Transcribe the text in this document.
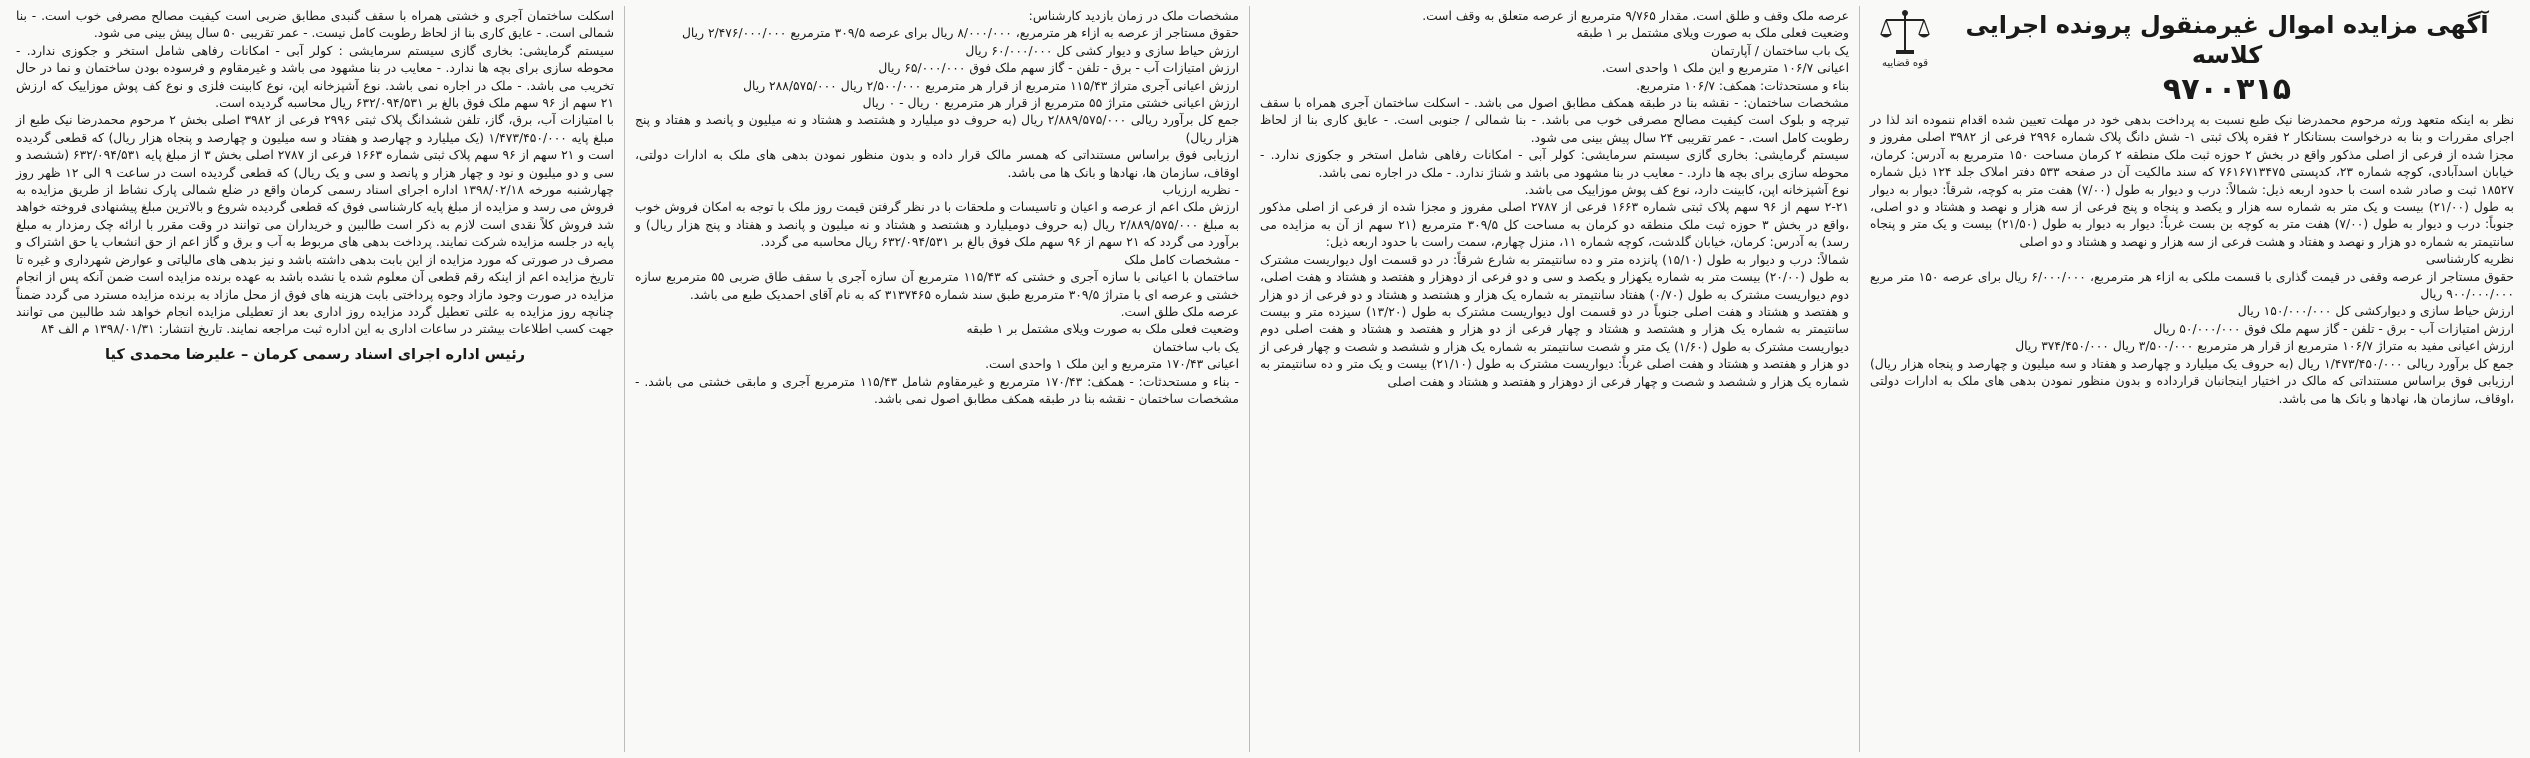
آگهی مزایده اموال غیرمنقول پرونده اجرایی کلاسه
۹۷۰۰۳۱۵
قوه قضاییه

نظر به اینکه متعهد ورثه مرحوم محمدرضا نیک طبع نسبت به پرداخت بدهی خود در مهلت تعیین شده اقدام ننموده اند لذا در اجرای مقررات و بنا به درخواست بستانکار ۲ فقره پلاک ثبتی ۱- شش دانگ پلاک شماره ۲۹۹۶ فرعی از ۳۹۸۲ اصلی مفروز و مجزا شده از فرعی از اصلی مذکور واقع در بخش ۲ حوزه ثبت ملک منطقه ۲ کرمان مساحت ۱۵۰ مترمربع به آدرس: کرمان، خیابان اسدآبادی، کوچه شماره ۲۳، کدپستی ۷۶۱۶۷۱۳۴۷۵ که سند مالکیت آن در صفحه ۵۳۳ دفتر املاک جلد ۱۲۴ ذیل شماره ۱۸۵۲۷ ثبت و صادر شده است با حدود اربعه ذیل: شمالاً: درب و دیوار به طول (۷/۰۰) هفت متر به کوچه، شرقاً: دیوار به دیوار به طول (۲۱/۰۰) بیست و یک متر به شماره سه هزار و یکصد و پنجاه و پنج فرعی از سه هزار و نهصد و هشتاد و دو اصلی، جنوباً: درب و دیوار به طول (۷/۰۰) هفت متر به کوچه بن بست غرباً: دیوار به دیوار به طول (۲۱/۵۰) بیست و یک متر و پنجاه سانتیمتر به شماره دو هزار و نهصد و هفتاد و هشت فرعی از سه هزار و نهصد و هشتاد و دو اصلی

نظریه کارشناسی

حقوق مستاجر از عرصه وقفی در قیمت گذاری با قسمت ملکی به ازاء هر مترمربع، ۶/۰۰۰/۰۰۰ ریال برای عرصه ۱۵۰ متر مربع ۹۰۰/۰۰۰/۰۰۰ ریال

ارزش حیاط سازی و دیوارکشی کل ۱۵۰/۰۰۰/۰۰۰ ریال

ارزش امتیازات آب - برق - تلفن - گاز سهم ملک فوق ۵۰/۰۰۰/۰۰۰ ریال

ارزش اعیانی مفید به متراژ ۱۰۶/۷ مترمربع از قرار هر مترمربع ۳/۵۰۰/۰۰۰ ریال ۳۷۴/۴۵۰/۰۰۰ ریال

جمع کل برآورد ریالی ۱/۴۷۳/۴۵۰/۰۰۰ ریال (به حروف یک میلیارد و چهارصد و هفتاد و سه میلیون و چهارصد و پنجاه هزار ریال) ارزیابی فوق براساس مستنداتی که مالک در اختیار اینجانبان قرارداده و بدون منظور نمودن بدهی های ملک به ادارات دولتی ،اوقاف، سازمان ها، نهادها و بانک ها می باشد.

عرصه ملک وقف و طلق است. مقدار ۹/۷۶۵ مترمربع از عرصه متعلق به وقف است.

وضعیت فعلی ملک به صورت ویلای مشتمل بر ۱ طبقه

یک باب ساختمان / آپارتمان

اعیانی ۱۰۶/۷ مترمربع و این ملک ۱ واحدی است.

بناء و مستحدثات: همکف: ۱۰۶/۷ مترمربع.

مشخصات ساختمان: - نقشه بنا در طبقه همکف مطابق اصول می باشد. - اسکلت ساختمان آجری همراه با سقف تیرچه و بلوک است کیفیت مصالح مصرفی خوب می باشد. - بنا شمالی / جنوبی است. - عایق کاری بنا از لحاظ رطوبت کامل است. - عمر تقریبی ۲۴ سال پیش بینی می شود.

سیستم گرمایشی: بخاری گازی سیستم سرمایشی: کولر آبی - امکانات رفاهی شامل استخر و جکوزی ندارد. - محوطه سازی برای بچه ها دارد. - معایب در بنا مشهود می باشد و شناژ ندارد. - ملک در اجاره نمی باشد.

نوع آشپزخانه اپن، کابینت دارد، نوع کف پوش موزاییک می باشد.

۲-۲۱ سهم از ۹۶ سهم پلاک ثبتی شماره ۱۶۶۳ فرعی از ۲۷۸۷ اصلی مفروز و مجزا شده از فرعی از اصلی مذکور ،واقع در بخش ۳ حوزه ثبت ملک منطقه دو کرمان به مساحت کل ۳۰۹/۵ مترمربع (۲۱ سهم از آن به مزایده می رسد) به آدرس: کرمان، خیابان گلدشت، کوچه شماره ۱۱، منزل چهارم، سمت راست با حدود اربعه ذیل:

شمالاً: درب و دیوار به طول (۱۵/۱۰) پانزده متر و ده سانتیمتر به شارع شرقاً: در دو قسمت اول دیواریست مشترک به طول (۲۰/۰۰) بیست متر به شماره یکهزار و یکصد و سی و دو فرعی از دوهزار و هفتصد و هشتاد و هفت اصلی، دوم دیواریست مشترک به طول (۰/۷۰) هفتاد سانتیمتر به شماره یک هزار و هشتصد و هشتاد و دو فرعی از دو هزار و هفتصد و هشتاد و هفت اصلی جنوباً در دو قسمت اول دیواریست مشترک به طول (۱۳/۲۰) سیزده متر و بیست سانتیمتر به شماره یک هزار و هشتصد و هشتاد و چهار فرعی از دو هزار و هفتصد و هشتاد و هفت اصلی دوم دیواریست مشترک به طول (۱/۶۰) یک متر و شصت سانتیمتر به شماره یک هزار و ششصد و شصت و چهار فرعی از دو هزار و هفتصد و هشتاد و هفت اصلی غرباً: دیواریست مشترک به طول (۲۱/۱۰) بیست و یک متر و ده سانتیمتر به شماره یک هزار و ششصد و شصت و چهار فرعی از دوهزار و هفتصد و هشتاد و هفت اصلی

مشخصات ملک در زمان بازدید کارشناس:

حقوق مستاجر از عرصه به ازاء هر مترمربع، ۸/۰۰۰/۰۰۰ ریال برای عرصه ۳۰۹/۵ مترمربع ۲/۴۷۶/۰۰۰/۰۰۰ ریال

ارزش حیاط سازی و دیوار کشی کل ۶۰/۰۰۰/۰۰۰ ریال

ارزش امتیازات آب - برق - تلفن - گاز سهم ملک فوق ۶۵/۰۰۰/۰۰۰ ریال

ارزش اعیانی آجری متراژ ۱۱۵/۴۳ مترمربع از قرار هر مترمربع ۲/۵۰۰/۰۰۰ ریال ۲۸۸/۵۷۵/۰۰۰ ریال

ارزش اعیانی خشتی متراژ ۵۵ مترمربع از قرار هر مترمربع ۰ ریال - ۰ ریال

جمع کل برآورد ریالی ۲/۸۸۹/۵۷۵/۰۰۰ ریال (به حروف دو میلیارد و هشتصد و هشتاد و نه میلیون و پانصد و هفتاد و پنج هزار ریال)

ارزیابی فوق براساس مستنداتی که همسر مالک قرار داده و بدون منظور نمودن بدهی های ملک به ادارات دولتی، اوقاف، سازمان ها، نهادها و بانک ها می باشد.

- نظریه ارزیاب

ارزش ملک اعم از عرصه و اعیان و تاسیسات و ملحقات با در نظر گرفتن قیمت روز ملک با توجه به امکان فروش خوب به مبلغ ۲/۸۸۹/۵۷۵/۰۰۰ ریال (به حروف دومیلیارد و هشتصد و هشتاد و نه میلیون و پانصد و هفتاد و پنج هزار ریال) و برآورد می گردد که ۲۱ سهم از ۹۶ سهم ملک فوق بالغ بر ۶۳۲/۰۹۴/۵۳۱ ریال محاسبه می گردد.

- مشخصات کامل ملک

ساختمان با اعیانی با سازه آجری و خشتی که ۱۱۵/۴۳ مترمربع آن سازه آجری با سقف طاق ضربی ۵۵ مترمربع سازه خشتی و عرصه ای با متراژ ۳۰۹/۵ مترمربع طبق سند شماره ۳۱۳۷۴۶۵ که به نام آقای احمدیک طبع می باشد.

عرصه ملک طلق است.

وضعیت فعلی ملک به صورت ویلای مشتمل بر ۱ طبقه

یک باب ساختمان

اعیانی ۱۷۰/۴۳ مترمربع و این ملک ۱ واحدی است.

- بناء و مستحدثات: - همکف: ۱۷۰/۴۳ مترمربع و غیرمقاوم شامل ۱۱۵/۴۳ مترمربع آجری و مابقی خشتی می باشد. - مشخصات ساختمان - نقشه بنا در طبقه همکف مطابق اصول نمی باشد.

اسکلت ساختمان آجری و خشتی همراه با سقف گنبدی مطابق ضربی است کیفیت مصالح مصرفی خوب است. - بنا شمالی است. - عایق کاری بنا از لحاظ رطوبت کامل نیست. - عمر تقریبی ۵۰ سال پیش بینی می شود.

سیستم گرمایشی: بخاری گازی سیستم سرمایشی : کولر آبی - امکانات رفاهی شامل استخر و جکوزی ندارد. - محوطه سازی برای بچه ها ندارد. - معایب در بنا مشهود می باشد و غیرمقاوم و فرسوده بودن ساختمان و نما در حال تخریب می باشد. - ملک در اجاره نمی باشد. نوع آشپزخانه اپن، نوع کابینت فلزی و نوع کف پوش موزاییک که ارزش ۲۱ سهم از ۹۶ سهم ملک فوق بالغ بر ۶۳۲/۰۹۴/۵۳۱ ریال محاسبه گردیده است.

با امتیازات آب، برق، گاز، تلفن ششدانگ پلاک ثبتی ۲۹۹۶ فرعی از ۳۹۸۲ اصلی بخش ۲ مرحوم محمدرضا نیک طبع از مبلغ پایه ۱/۴۷۳/۴۵۰/۰۰۰ (یک میلیارد و چهارصد و هفتاد و سه میلیون و چهارصد و پنجاه هزار ریال) که قطعی گردیده است و ۲۱ سهم از ۹۶ سهم پلاک ثبتی شماره ۱۶۶۳ فرعی از ۲۷۸۷ اصلی بخش ۳ از مبلغ پایه ۶۳۲/۰۹۴/۵۳۱ (ششصد و سی و دو میلیون و نود و چهار هزار و پانصد و سی و یک ریال) که قطعی گردیده است در ساعت ۹ الی ۱۲ ظهر روز چهارشنبه مورخه ۱۳۹۸/۰۲/۱۸ اداره اجرای اسناد رسمی کرمان واقع در ضلع شمالی پارک نشاط از طریق مزایده به فروش می رسد و مزایده از مبلغ پایه کارشناسی فوق که قطعی گردیده شروع و بالاترین مبلغ پیشنهادی فروخته خواهد شد فروش کلاً نقدی است لازم به ذکر است طالبین و خریداران می توانند در وقت مقرر با ارائه چک رمزدار به مبلغ پایه در جلسه مزایده شرکت نمایند. پرداخت بدهی های مربوط به آب و برق و گاز اعم از حق انشعاب یا حق اشتراک و مصرف در صورتی که مورد مزایده از این بابت بدهی داشته باشد و نیز بدهی های مالیاتی و عوارض شهرداری و غیره تا تاریخ مزایده اعم از اینکه رقم قطعی آن معلوم شده یا نشده باشد به عهده برنده مزایده است ضمن آنکه پس از انجام مزایده در صورت وجود مازاد وجوه پرداختی بابت هزینه های فوق از محل مازاد به برنده مزایده مسترد می گردد ضمناً چنانچه روز مزایده به علتی تعطیل گردد مزایده روز اداری بعد از تعطیلی مزایده انجام خواهد شد طالبین می توانند جهت کسب اطلاعات بیشتر در ساعات اداری به این اداره ثبت مراجعه نمایند. تاریخ انتشار: ۱۳۹۸/۰۱/۳۱ م الف ۸۴

رئیس اداره اجرای اسناد رسمی کرمان – علیرضا محمدی کیا
